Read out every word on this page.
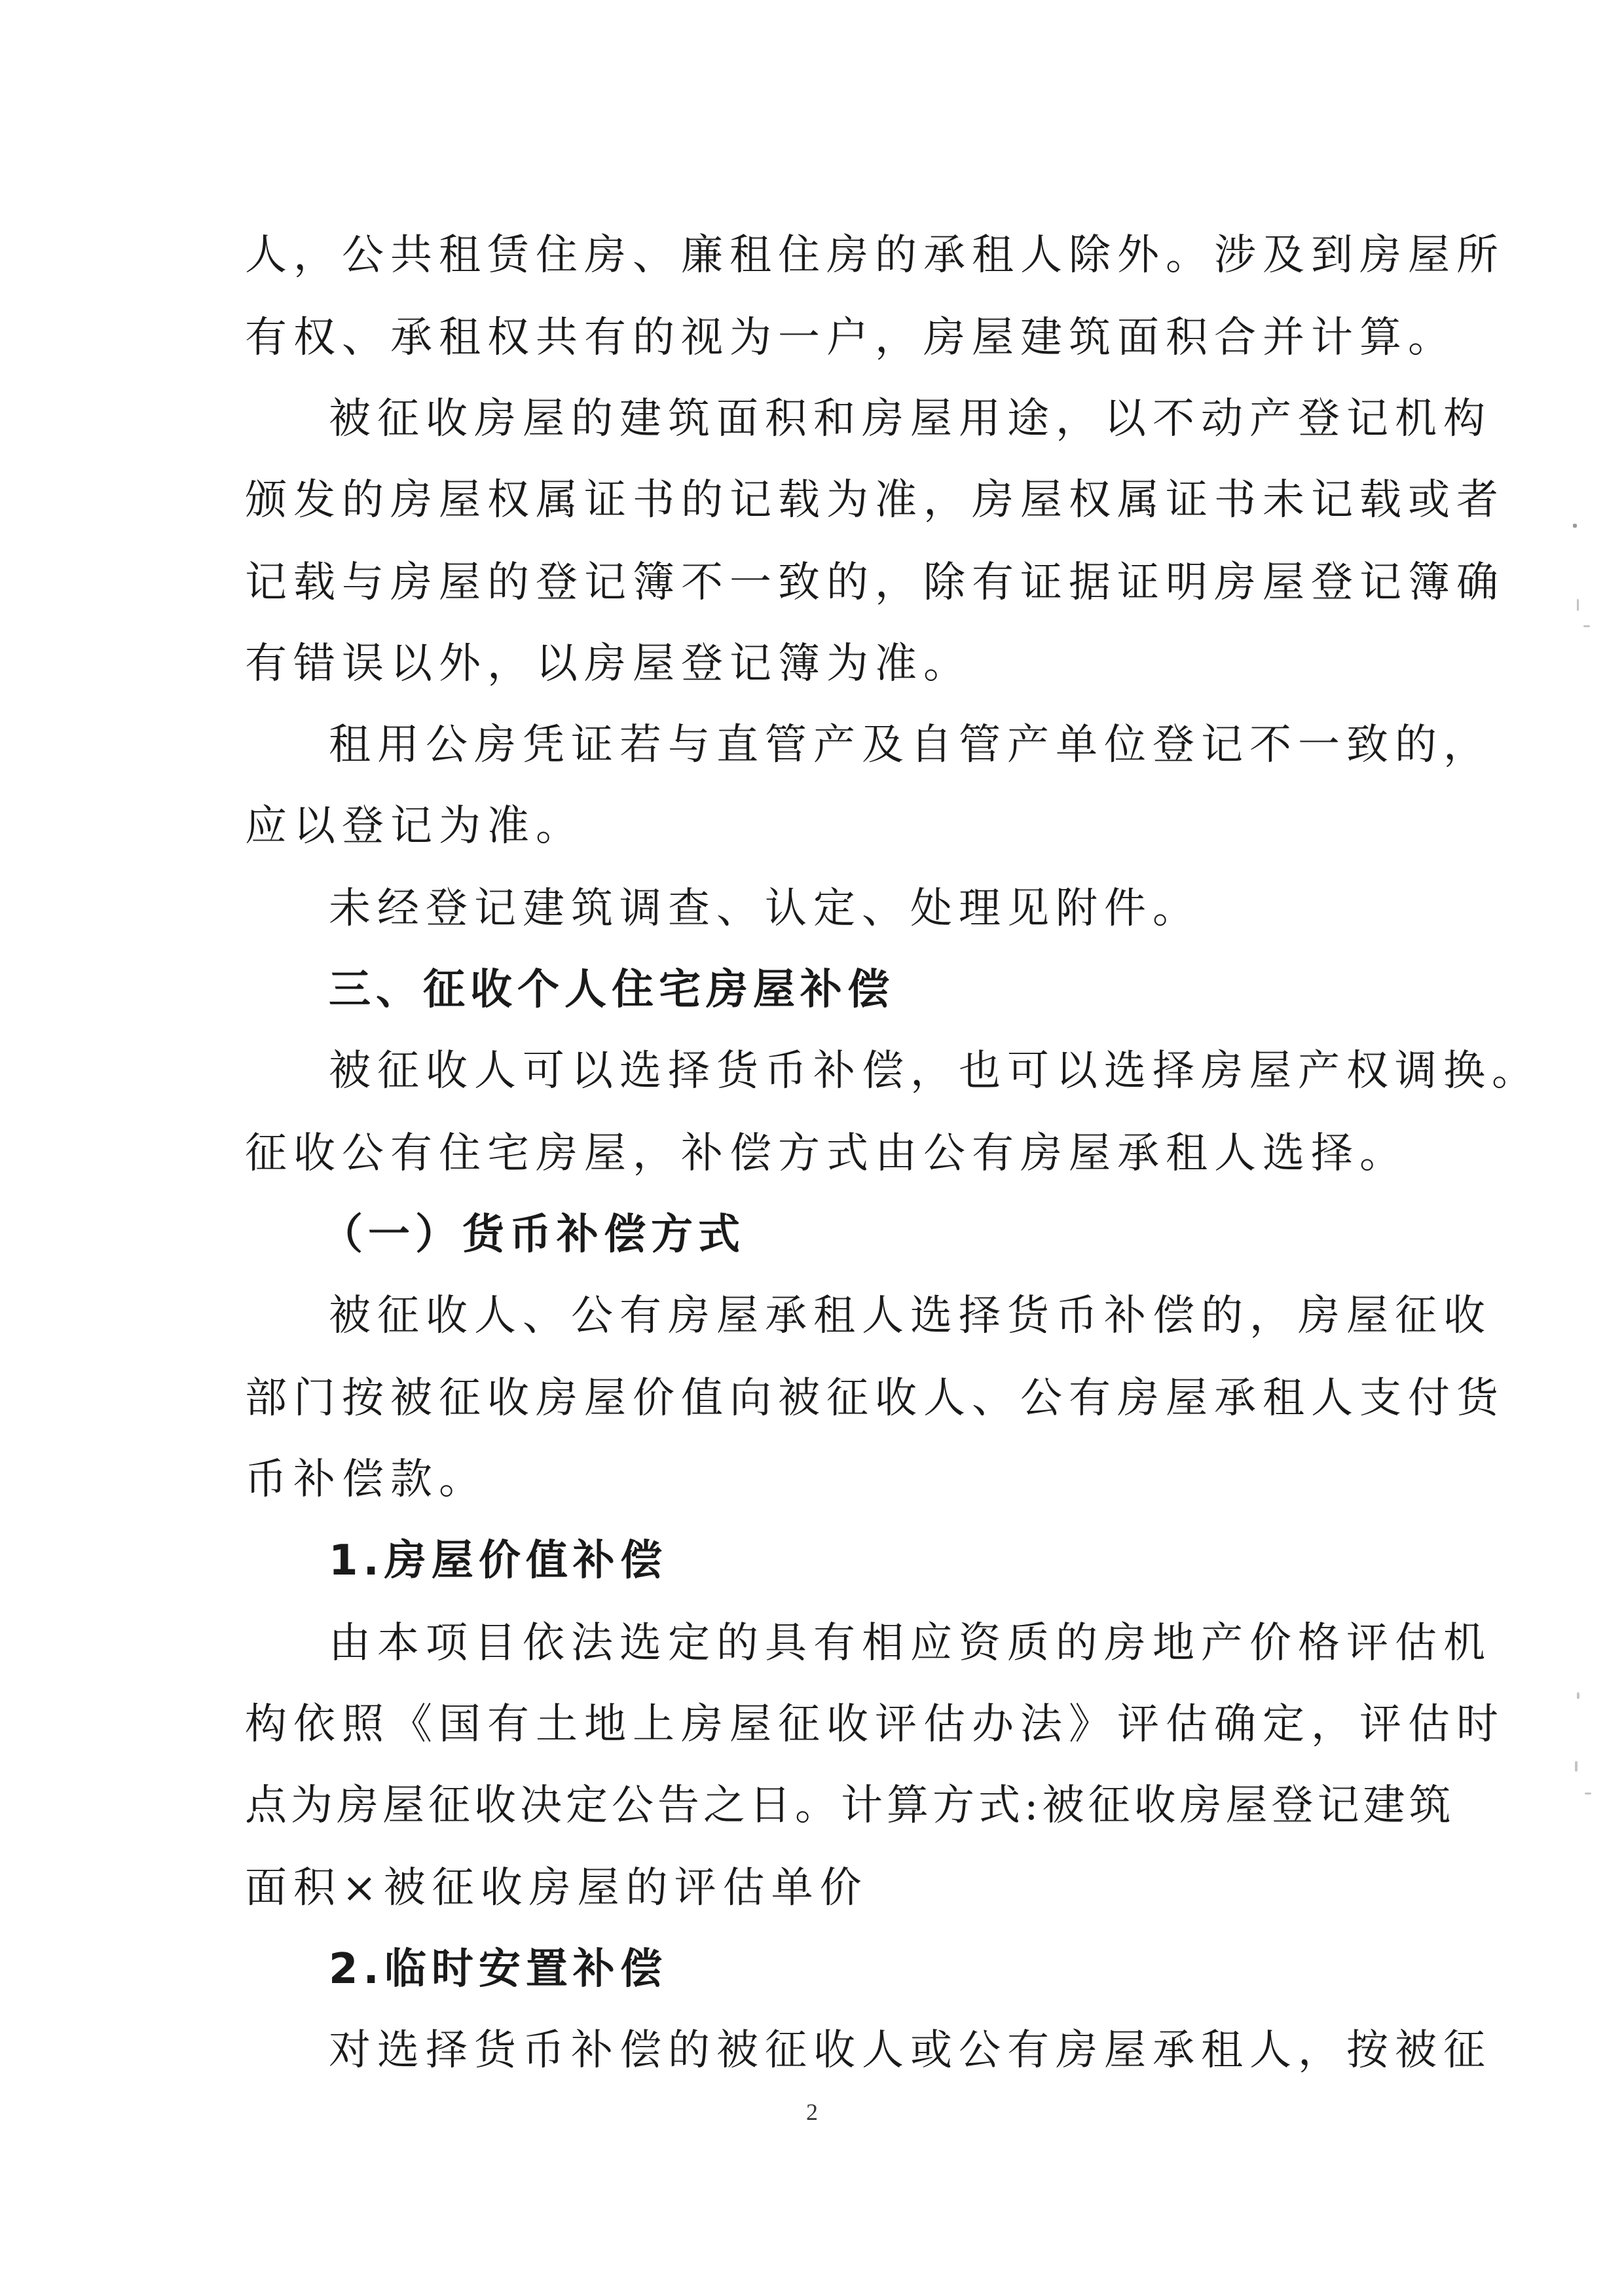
人，公共租赁住房、廉租住房的承租人除外。涉及到房屋所
有权、承租权共有的视为一户，房屋建筑面积合并计算。
被征收房屋的建筑面积和房屋用途，以不动产登记机构
颁发的房屋权属证书的记载为准，房屋权属证书未记载或者
记载与房屋的登记簿不一致的，除有证据证明房屋登记簿确
有错误以外，以房屋登记簿为准。
租用公房凭证若与直管产及自管产单位登记不一致的，
应以登记为准。
未经登记建筑调查、认定、处理见附件。
三、征收个人住宅房屋补偿
被征收人可以选择货币补偿，也可以选择房屋产权调换。
征收公有住宅房屋，补偿方式由公有房屋承租人选择。
（一）货币补偿方式
被征收人、公有房屋承租人选择货币补偿的，房屋征收
部门按被征收房屋价值向被征收人、公有房屋承租人支付货
币补偿款。
1.房屋价值补偿
由本项目依法选定的具有相应资质的房地产价格评估机
构依照《国有土地上房屋征收评估办法》评估确定，评估时
点为房屋征收决定公告之日。计算方式:被征收房屋登记建筑
面积×被征收房屋的评估单价
2.临时安置补偿
对选择货币补偿的被征收人或公有房屋承租人，按被征
2
